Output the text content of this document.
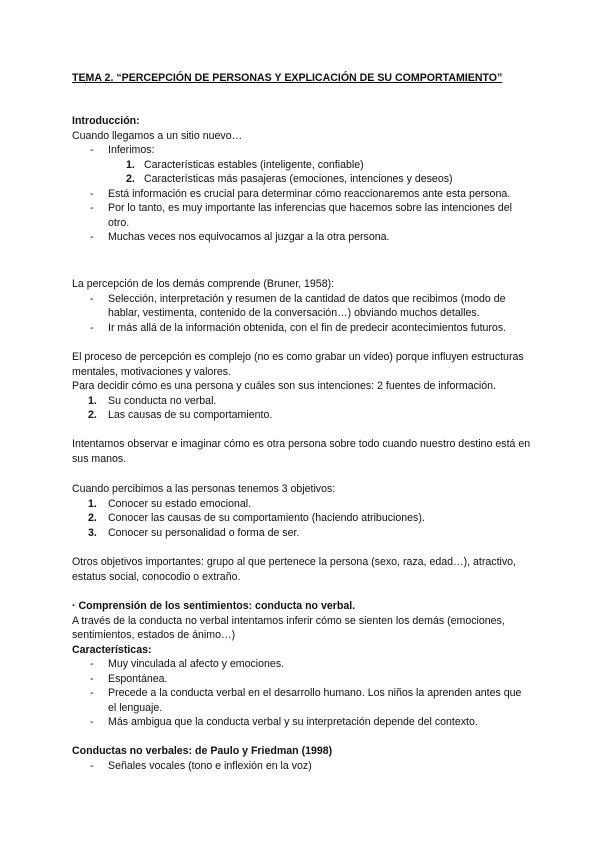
TEMA 2. “PERCEPCIÓN DE PERSONAS Y EXPLICACIÓN DE SU COMPORTAMIENTO”

Introducción:

Cuando llegamos a un sitio nuevo…

- Inferimos:
1. Características estables (inteligente, confiable)
2. Características más pasajeras (emociones, intenciones y deseos)
- Está información es crucial para determinar cómo reaccionaremos ante esta persona.
- Por lo tanto, es muy importante las inferencias que hacemos sobre las intenciones del otro.
- Muchas veces nos equivocamos al juzgar a la otra persona.

La percepción de los demás comprende (Bruner, 1958):

- Selección, interpretación y resumen de la cantidad de datos que recibimos (modo de hablar, vestimenta, contenido de la conversación…) obviando muchos detalles.
- Ir más allá de la información obtenida, con el fin de predecir acontecimientos futuros.

El proceso de percepción es complejo (no es como grabar un vídeo) porque influyen estructuras mentales, motivaciones y valores.

Para decidir cómo es una persona y cuáles son sus intenciones: 2 fuentes de información.

1. Su conducta no verbal.
2. Las causas de su comportamiento.

Intentamos observar e imaginar cómo es otra persona sobre todo cuando nuestro destino está en sus manos.

Cuando percibimos a las personas tenemos 3 objetivos:

1. Conocer su estado emocional.
2. Conocer las causas de su comportamiento (haciendo atribuciones).
3. Conocer su personalidad o forma de ser.

Otros objetivos importantes: grupo al que pertenece la persona (sexo, raza, edad…), atractivo, estatus social, conocodio o extraño.

· Comprensión de los sentimientos: conducta no verbal.

A través de la conducta no verbal intentamos inferir cómo se sienten los demás (emociones, sentimientos, estados de ánimo…)

Características:

- Muy vinculada al afecto y emociones.
- Espontánea.
- Precede a la conducta verbal en el desarrollo humano. Los niños la aprenden antes que el lenguaje.
- Más ambigua que la conducta verbal y su interpretación depende del contexto.

Conductas no verbales: de Paulo y Friedman (1998)

- Señales vocales (tono e inflexión en la voz)
